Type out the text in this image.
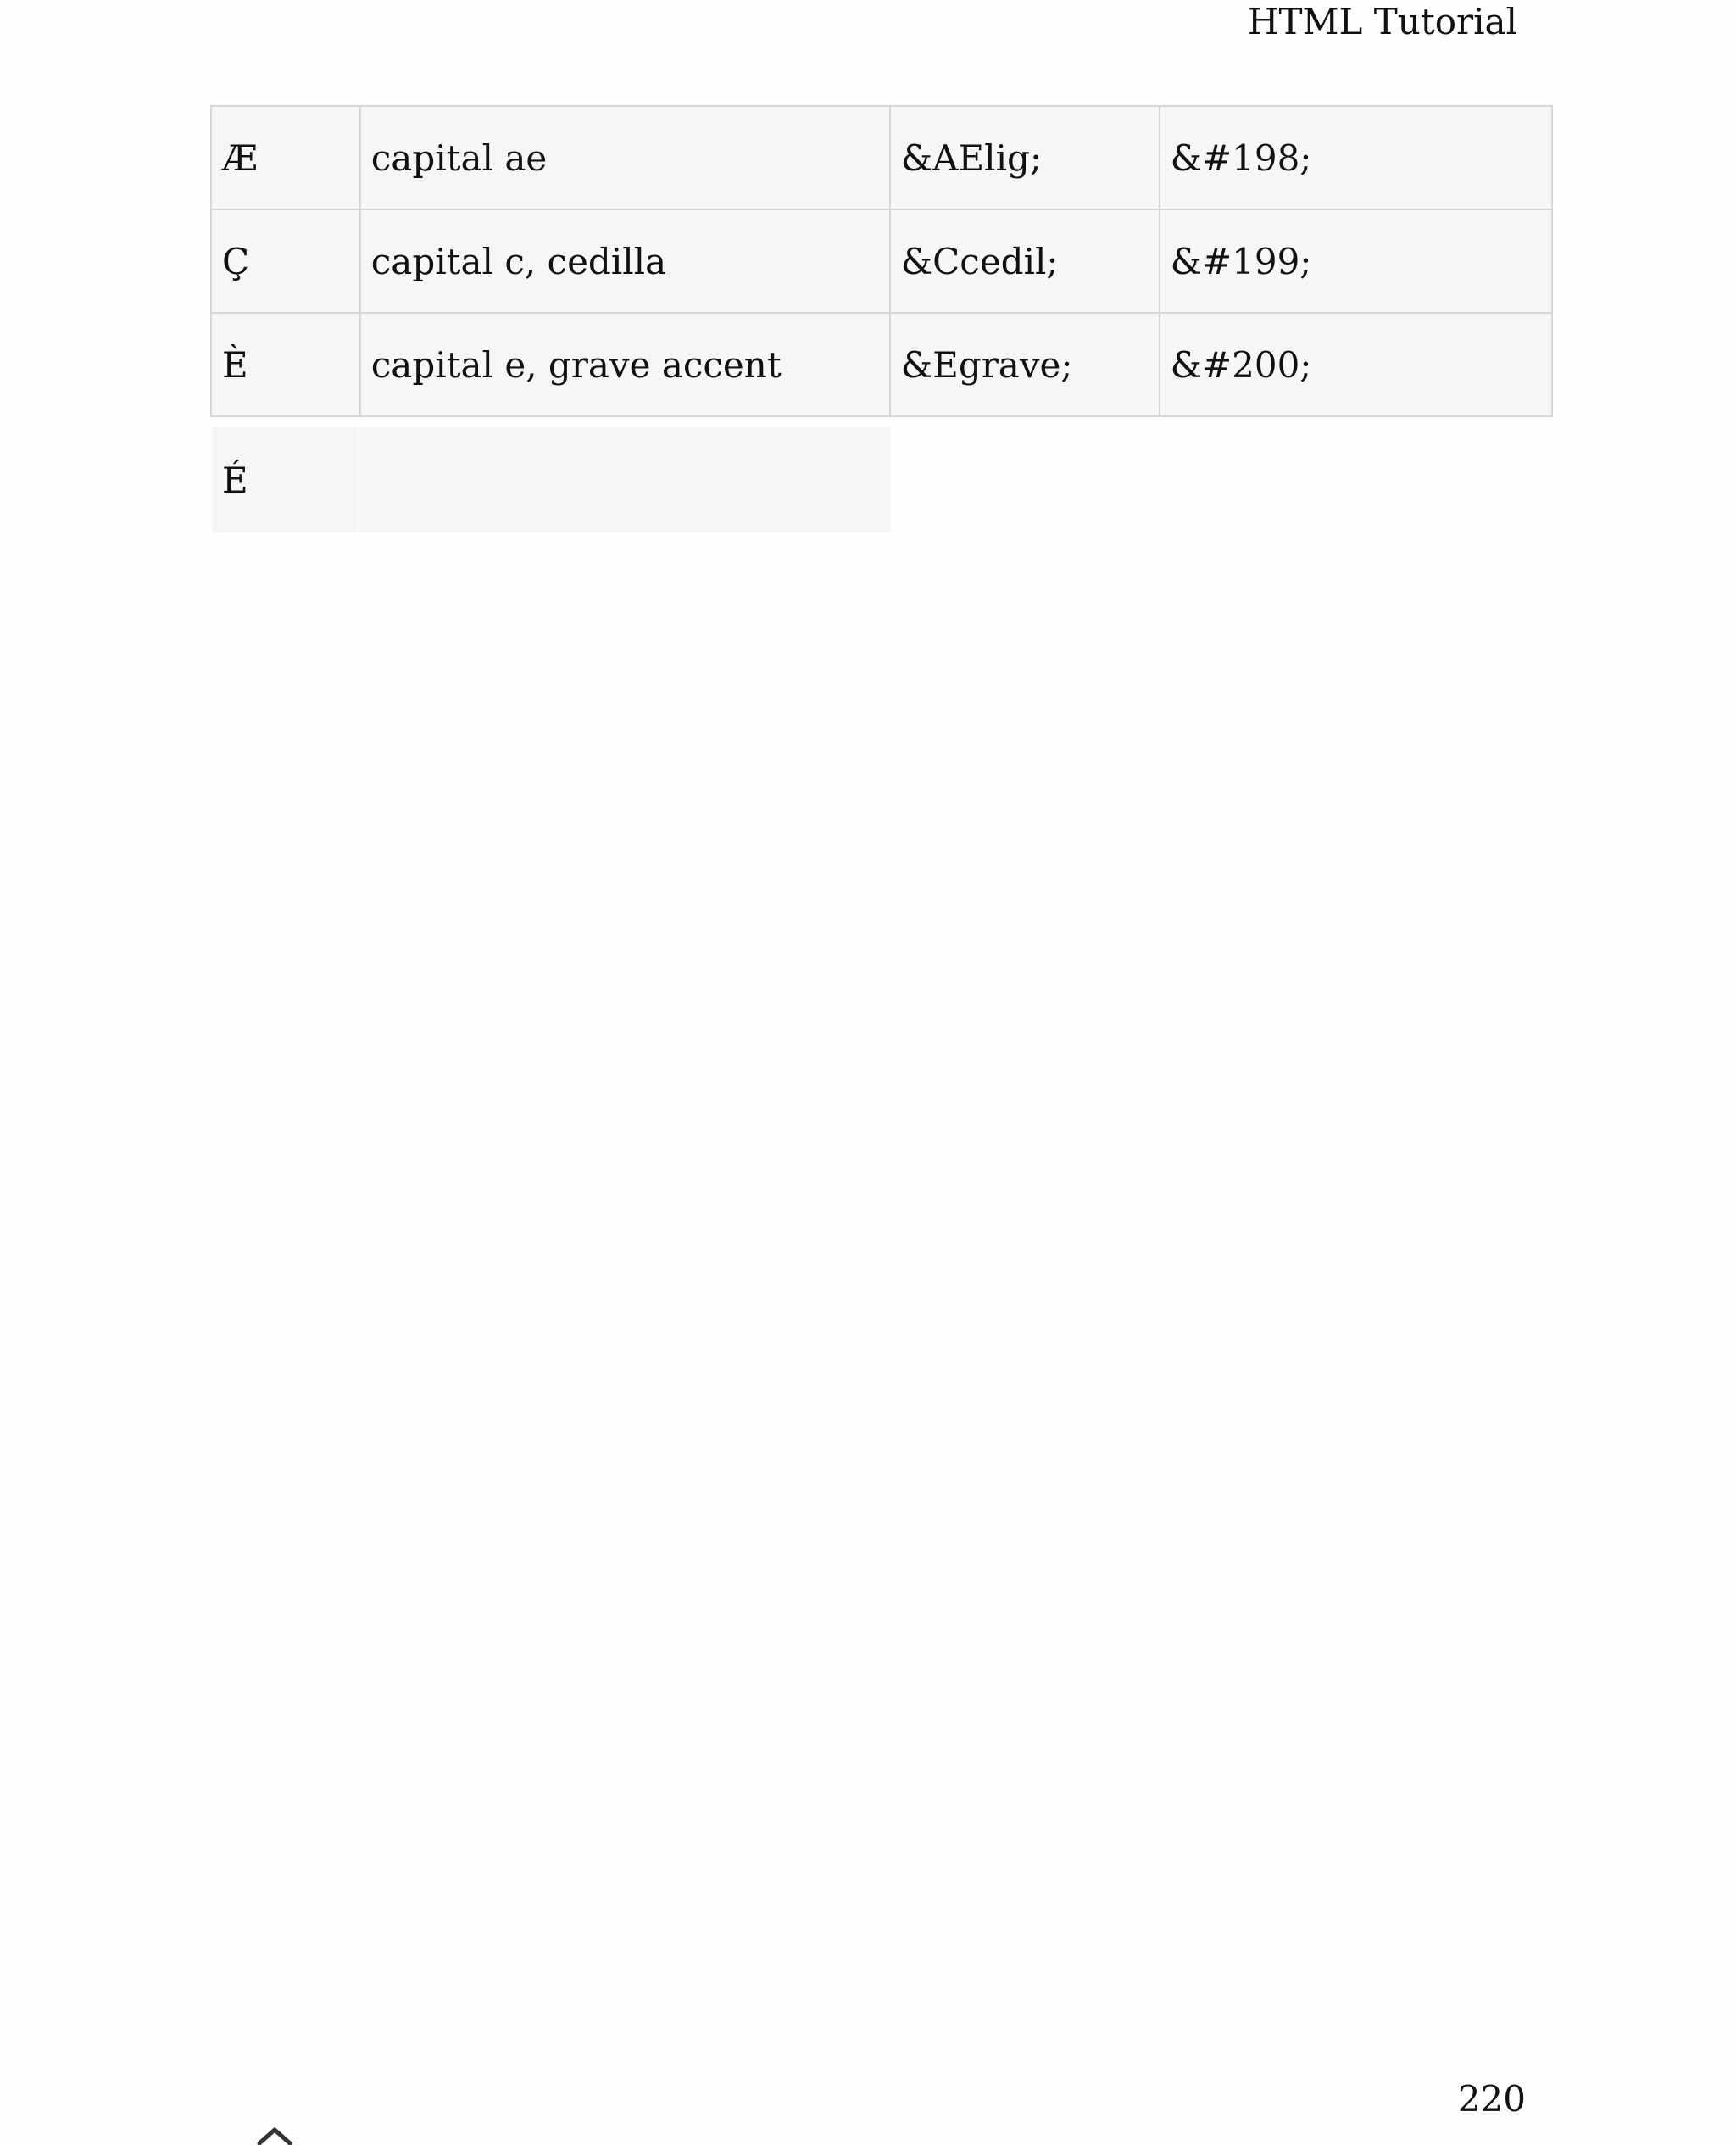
HTML Tutorial
Æ	capital ae	&AElig;	&#198;
Ç	capital c, cedilla	&Ccedil;	&#199;
È	capital e, grave accent	&Egrave;	&#200;
É
220
